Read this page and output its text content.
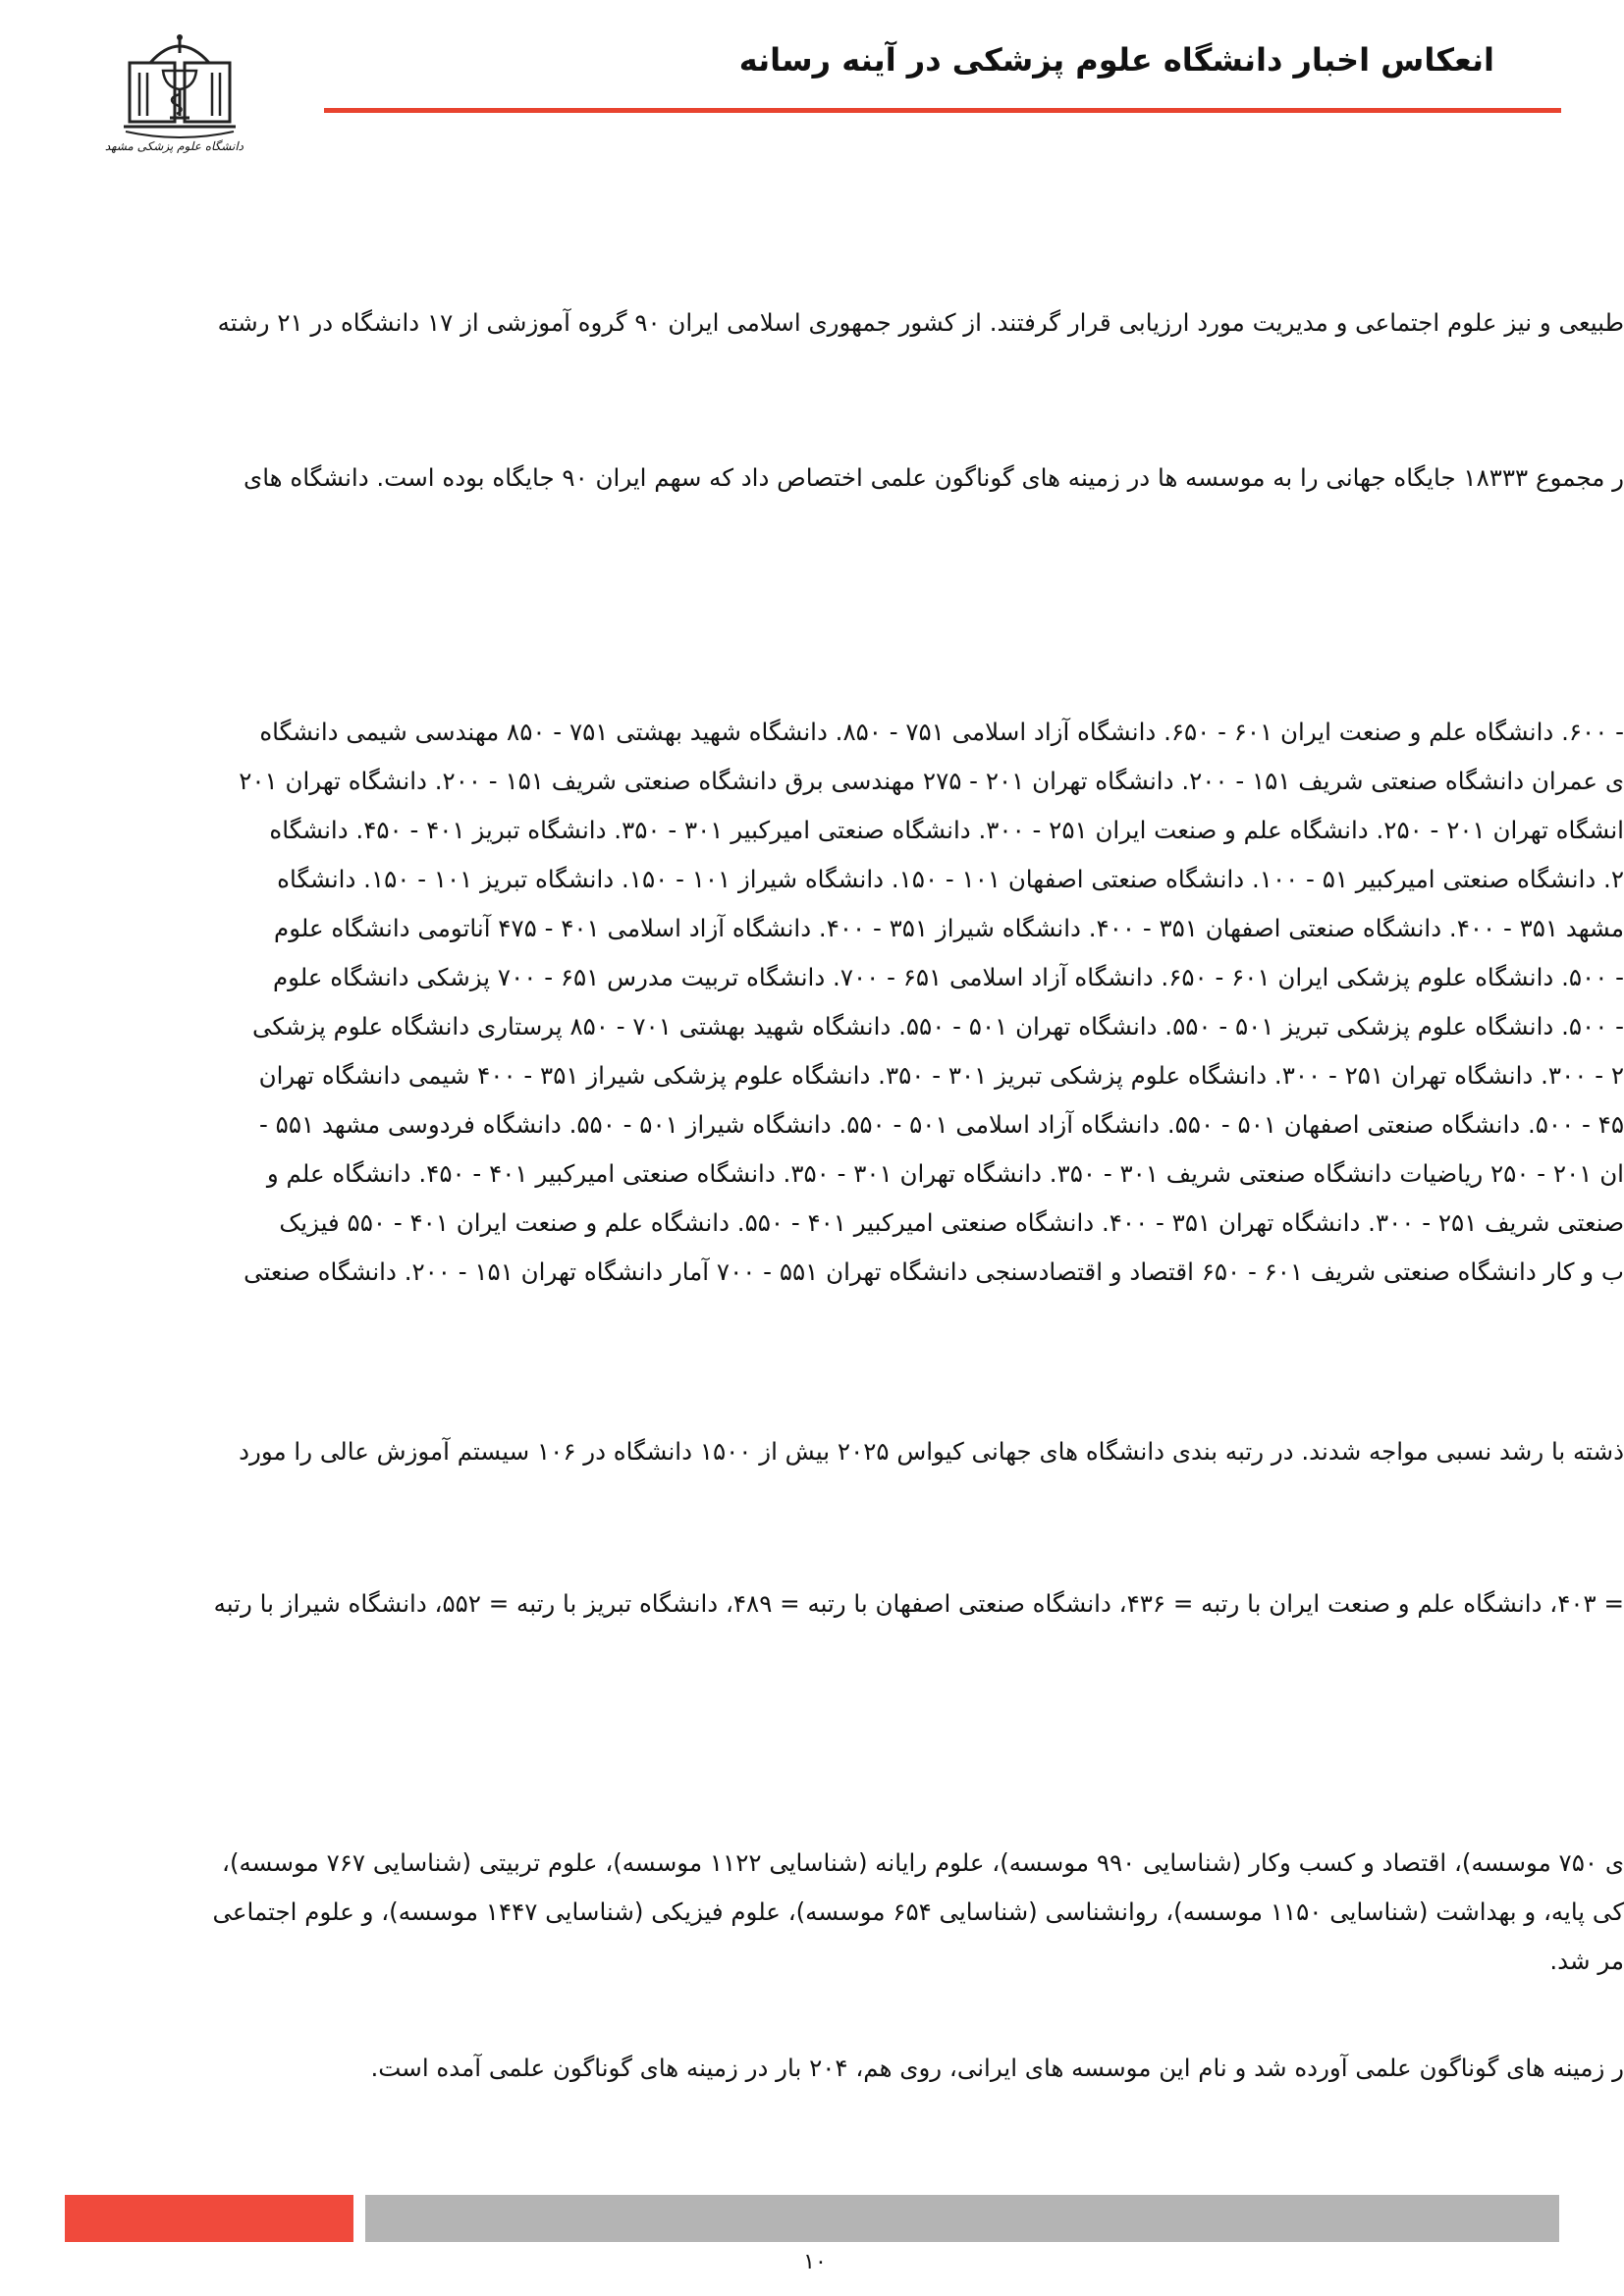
انعکاس اخبار دانشگاه علوم پزشکی در آینه رسانه
دانشگاه علوم پزشکی مشهد
طبیعی و نیز علوم اجتماعی و مدیریت مورد ارزیابی قرار گرفتند. از کشور جمهوری اسلامی ایران ۹۰ گروه آموزشی از ۱۷ دانشگاه در ۲۱ رشته
ر مجموع ۱۸۳۳۳ جایگاه جهانی را به موسسه ها در زمینه های گوناگون علمی اختصاص داد که سهم ایران ۹۰ جایگاه بوده است. دانشگاه های
- ۶۰۰. دانشگاه علم و صنعت ایران ۶۰۱ - ۶۵۰. دانشگاه آزاد اسلامی ۷۵۱ - ۸۵۰. دانشگاه شهید بهشتی ۷۵۱ - ۸۵۰ مهندسی شیمی دانشگاه
ی عمران دانشگاه صنعتی شریف ۱۵۱ - ۲۰۰. دانشگاه تهران ۲۰۱ - ۲۷۵ مهندسی برق دانشگاه صنعتی شریف ۱۵۱ - ۲۰۰. دانشگاه تهران ۲۰۱
انشگاه تهران ۲۰۱ - ۲۵۰. دانشگاه علم و صنعت ایران ۲۵۱ - ۳۰۰. دانشگاه صنعتی امیرکبیر ۳۰۱ - ۳۵۰. دانشگاه تبریز ۴۰۱ - ۴۵۰. دانشگاه
۲. دانشگاه صنعتی امیرکبیر ۵۱ - ۱۰۰. دانشگاه صنعتی اصفهان ۱۰۱ - ۱۵۰. دانشگاه شیراز ۱۰۱ - ۱۵۰. دانشگاه تبریز ۱۰۱ - ۱۵۰. دانشگاه
مشهد ۳۵۱ - ۴۰۰. دانشگاه صنعتی اصفهان ۳۵۱ - ۴۰۰. دانشگاه شیراز ۳۵۱ - ۴۰۰. دانشگاه آزاد اسلامی ۴۰۱ - ۴۷۵ آناتومی دانشگاه علوم
- ۵۰۰. دانشگاه علوم پزشکی ایران ۶۰۱ - ۶۵۰. دانشگاه آزاد اسلامی ۶۵۱ - ۷۰۰. دانشگاه تربیت مدرس ۶۵۱ - ۷۰۰ پزشکی دانشگاه علوم
- ۵۰۰. دانشگاه علوم پزشکی تبریز ۵۰۱ - ۵۵۰. دانشگاه تهران ۵۰۱ - ۵۵۰. دانشگاه شهید بهشتی ۷۰۱ - ۸۵۰ پرستاری دانشگاه علوم پزشکی
۲ - ۳۰۰. دانشگاه تهران ۲۵۱ - ۳۰۰. دانشگاه علوم پزشکی تبریز ۳۰۱ - ۳۵۰. دانشگاه علوم پزشکی شیراز ۳۵۱ - ۴۰۰ شیمی دانشگاه تهران
۴۵ - ۵۰۰. دانشگاه صنعتی اصفهان ۵۰۱ - ۵۵۰. دانشگاه آزاد اسلامی ۵۰۱ - ۵۵۰. دانشگاه شیراز ۵۰۱ - ۵۵۰. دانشگاه فردوسی مشهد ۵۵۱ -
ان ۲۰۱ - ۲۵۰ ریاضیات دانشگاه صنعتی شریف ۳۰۱ - ۳۵۰. دانشگاه تهران ۳۰۱ - ۳۵۰. دانشگاه صنعتی امیرکبیر ۴۰۱ - ۴۵۰. دانشگاه علم و
صنعتی شریف ۲۵۱ - ۳۰۰. دانشگاه تهران ۳۵۱ - ۴۰۰. دانشگاه صنعتی امیرکبیر ۴۰۱ - ۵۵۰. دانشگاه علم و صنعت ایران ۴۰۱ - ۵۵۰ فیزیک
ب و کار دانشگاه صنعتی شریف ۶۰۱ - ۶۵۰ اقتصاد و اقتصادسنجی دانشگاه تهران ۵۵۱ - ۷۰۰ آمار دانشگاه تهران ۱۵۱ - ۲۰۰. دانشگاه صنعتی
ذشته با رشد نسبی مواجه شدند. در رتبه بندی دانشگاه های جهانی کیواس ۲۰۲۵ بیش از ۱۵۰۰ دانشگاه در ۱۰۶ سیستم آموزش عالی را مورد
= ۴۰۳، دانشگاه علم و صنعت ایران با رتبه = ۴۳۶، دانشگاه صنعتی اصفهان با رتبه = ۴۸۹، دانشگاه تبریز با رتبه = ۵۵۲، دانشگاه شیراز با رتبه
ی ۷۵۰ موسسه)، اقتصاد و کسب وکار (شناسایی ۹۹۰ موسسه)، علوم رایانه (شناسایی ۱۱۲۲ موسسه)، علوم تربیتی (شناسایی ۷۶۷ موسسه)،
کی پایه، و بهداشت (شناسایی ۱۱۵۰ موسسه)، روانشناسی (شناسایی ۶۵۴ موسسه)، علوم فیزیکی (شناسایی ۱۴۴۷ موسسه)، و علوم اجتماعی
مر شد.
ر زمینه های گوناگون علمی آورده شد و نام این موسسه های ایرانی، روی هم، ۲۰۴ بار در زمینه های گوناگون علمی آمده است.
۱۰
